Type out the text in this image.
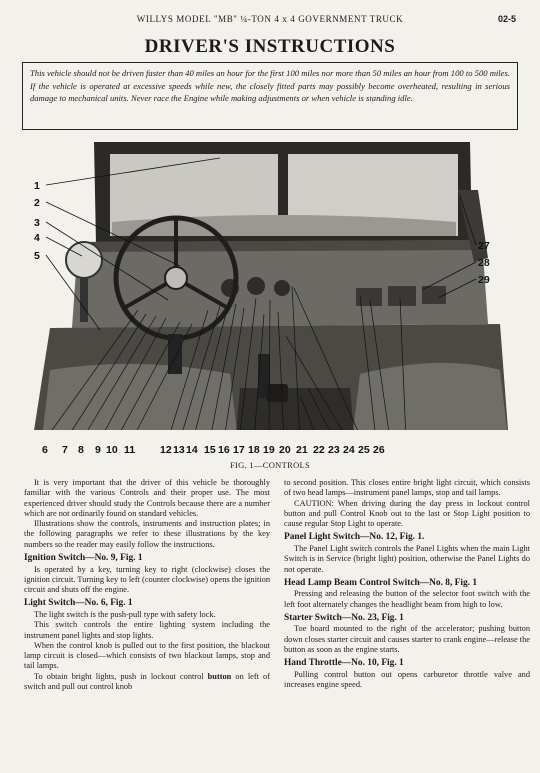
WILLYS MODEL "MB" ¼-TON 4 x 4 GOVERNMENT TRUCK	02-5
DRIVER'S INSTRUCTIONS
This vehicle should not be driven faster than 40 miles an hour for the first 100 miles nor more than 50 miles an hour from 100 to 500 miles. If the vehicle is operated at excessive speeds while new, the closely fitted parts may possibly become overheated, resulting in serious damage to mechanical units. Never race the Engine while making adjustments or when vehicle is standing idle.
1
2
3
4
5
27
28
29
6 7 8 9 10 11 12 13 14 15 16 17 18 19 20 21 22 23 24 25 26
FIG. 1—CONTROLS

It is very important that the driver of this vehicle be thoroughly familiar with the various Controls and their proper use. The most experienced driver should study the Controls because there are a number which are not ordinarily found on standard vehicles.

Illustrations show the controls, instruments and instruction plates; in the following paragraphs we refer to these illustrations by the key numbers so the reader may easily follow the instructions.

Ignition Switch—No. 9, Fig. 1

Is operated by a key, turning key to right (clockwise) closes the ignition circuit. Turning key to left (counter clockwise) opens the ignition circuit and shuts off the engine.

Light Switch—No. 6, Fig. 1

The light switch is the push-pull type with safety lock.

This switch controls the entire lighting system including the instrument panel lights and stop lights.

When the control knob is pulled out to the first position, the blackout lamp circuit is closed—which consists of two blackout lamps, stop and tail lamps.

To obtain bright lights, push in lockout control button on left of switch and pull out control knob

to second position. This closes entire bright light circuit, which consists of two head lamps—instrument panel lamps, stop and tail lamps.

CAUTION: When driving during the day press in lockout control button and pull Control Knob out to the last or Stop Light position to cause regular Stop Light to operate.

Panel Light Switch—No. 12, Fig. 1.

The Panel Light switch controls the Panel Lights when the main Light Switch is in Service (bright light) position, otherwise the Panel Lights do not operate.

Head Lamp Beam Control Switch—No. 8, Fig. 1

Pressing and releasing the button of the selector foot switch with the left foot alternately changes the headlight beam from high to low.

Starter Switch—No. 23, Fig. 1

Toe board mounted to the right of the accelerator; pushing button down closes starter circuit and causes starter to crank engine—release the button as soon as the engine starts.

Hand Throttle—No. 10, Fig. 1

Pulling control button out opens carburetor throttle valve and increases engine speed.
